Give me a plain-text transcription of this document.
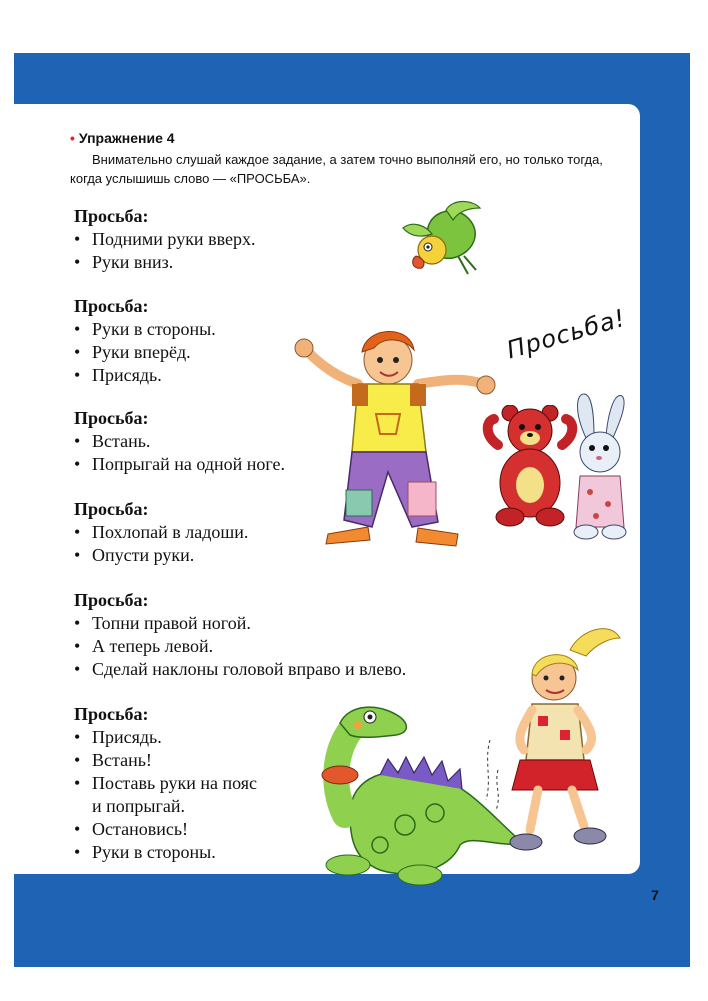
7
• Упражнение 4
Внимательно слушай каждое задание, а затем точно выполняй его, но только тогда,
когда услышишь слово — «ПРОСЬБА».
Просьба:
• Подними руки вверх.
• Руки вниз.
Просьба:
• Руки в стороны.
• Руки вперёд.
• Присядь.
Просьба:
• Встань.
• Попрыгай на одной ноге.
Просьба:
• Похлопай в ладоши.
• Опусти руки.
Просьба:
• Топни правой ногой.
• А теперь левой.
• Сделай наклоны головой вправо и влево.
Просьба:
• Присядь.
• Встань!
• Поставь руки на пояс
и попрыгай.
• Остановись!
• Руки в стороны.
Просьба!
